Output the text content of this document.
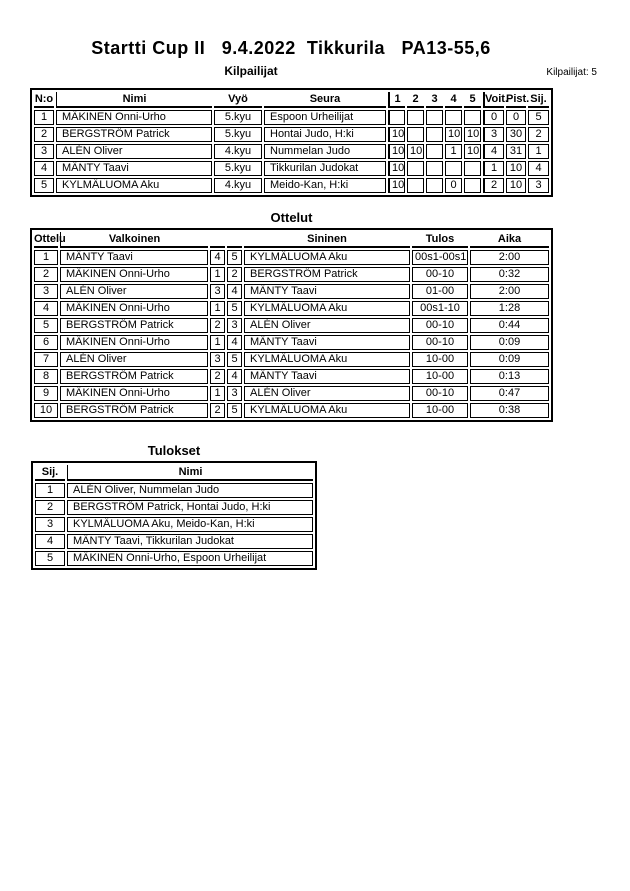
Startti Cup II   9.4.2022  Tikkurila   PA13-55,6
Kilpailijat	Kilpailijat: 5
N:o	Nimi	Vyö	Seura	1	2	3	4	5	Voit.	Pist.	Sij.
1	MÄKINEN Onni-Urho	5.kyu	Espoon Urheilijat						0	0	5
2	BERGSTRÖM Patrick	5.kyu	Hontai Judo, H:ki	10			10	10	3	30	2
3	ALÉN Oliver	4.kyu	Nummelan Judo	10	10		1	10	4	31	1
4	MÄNTY Taavi	5.kyu	Tikkurilan Judokat	10					1	10	4
5	KYLMÄLUOMA Aku	4.kyu	Meido-Kan, H:ki	10			0		2	10	3
Ottelut
Ottelu	Valkoinen			Sininen	Tulos	Aika
1	MÄNTY Taavi	4	5	KYLMÄLUOMA Aku	00s1-00s1	2:00
2	MÄKINEN Onni-Urho	1	2	BERGSTRÖM Patrick	00-10	0:32
3	ALÉN Oliver	3	4	MÄNTY Taavi	01-00	2:00
4	MÄKINEN Onni-Urho	1	5	KYLMÄLUOMA Aku	00s1-10	1:28
5	BERGSTRÖM Patrick	2	3	ALÉN Oliver	00-10	0:44
6	MÄKINEN Onni-Urho	1	4	MÄNTY Taavi	00-10	0:09
7	ALÉN Oliver	3	5	KYLMÄLUOMA Aku	10-00	0:09
8	BERGSTRÖM Patrick	2	4	MÄNTY Taavi	10-00	0:13
9	MÄKINEN Onni-Urho	1	3	ALÉN Oliver	00-10	0:47
10	BERGSTRÖM Patrick	2	5	KYLMÄLUOMA Aku	10-00	0:38
Tulokset
Sij.	Nimi
1	ALÉN Oliver, Nummelan Judo
2	BERGSTRÖM Patrick, Hontai Judo, H:ki
3	KYLMÄLUOMA Aku, Meido-Kan, H:ki
4	MÄNTY Taavi, Tikkurilan Judokat
5	MÄKINEN Onni-Urho, Espoon Urheilijat
